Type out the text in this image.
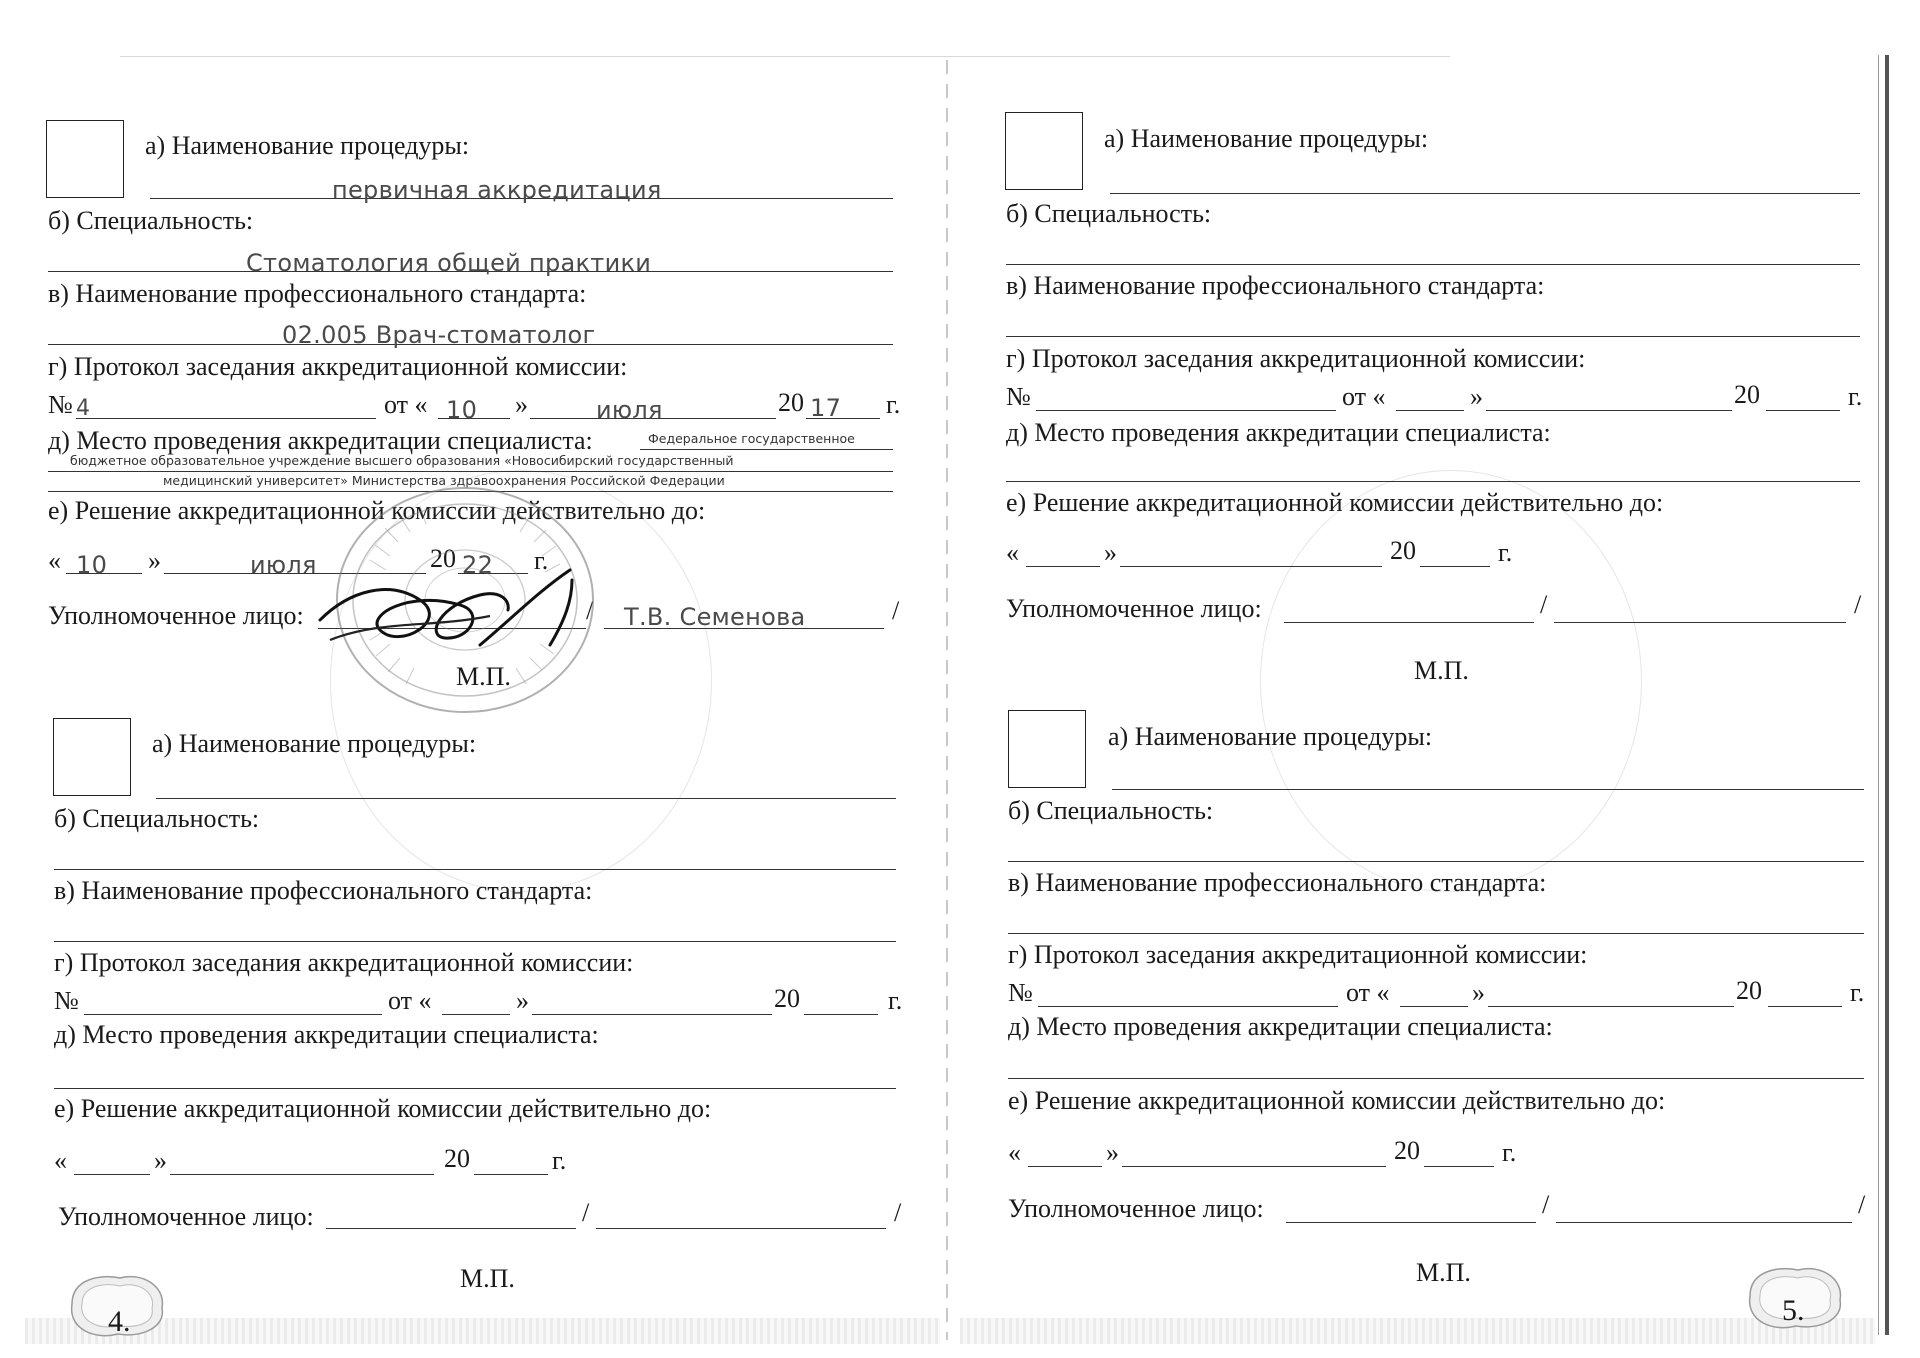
а) Наименование процедуры:
первичная аккредитация
б) Специальность:
Стоматология общей практики
в) Наименование профессионального стандарта:
02.005 Врач-стоматолог
г) Протокол заседания аккредитационной комиссии:
№ 4	от « 10 »	июля	20 17 г.
д) Место проведения аккредитации специалиста:	Федеральное государственное
бюджетное образовательное учреждение высшего образования «Новосибирский государственный
медицинский университет» Министерства здравоохранения Российской Федерации
е) Решение аккредитационной комиссии действительно до:
« 10 »	июля	20 22 г.
Уполномоченное лицо:	/ Т.В. Семенова	/
М.П.
а) Наименование процедуры:
б) Специальность:
в) Наименование профессионального стандарта:
г) Протокол заседания аккредитационной комиссии:
№	от «	»	20	г.
д) Место проведения аккредитации специалиста:
е) Решение аккредитационной комиссии действительно до:
«	»	20	г.
Уполномоченное лицо:	/	/
М.П.
4.
а) Наименование процедуры:
б) Специальность:
в) Наименование профессионального стандарта:
г) Протокол заседания аккредитационной комиссии:
№	от «	»	20	г.
д) Место проведения аккредитации специалиста:
е) Решение аккредитационной комиссии действительно до:
«	»	20	г.
Уполномоченное лицо:	/	/
М.П.
а) Наименование процедуры:
б) Специальность:
в) Наименование профессионального стандарта:
г) Протокол заседания аккредитационной комиссии:
№	от «	»	20	г.
д) Место проведения аккредитации специалиста:
е) Решение аккредитационной комиссии действительно до:
«	»	20	г.
Уполномоченное лицо:	/	/
М.П.
5.
